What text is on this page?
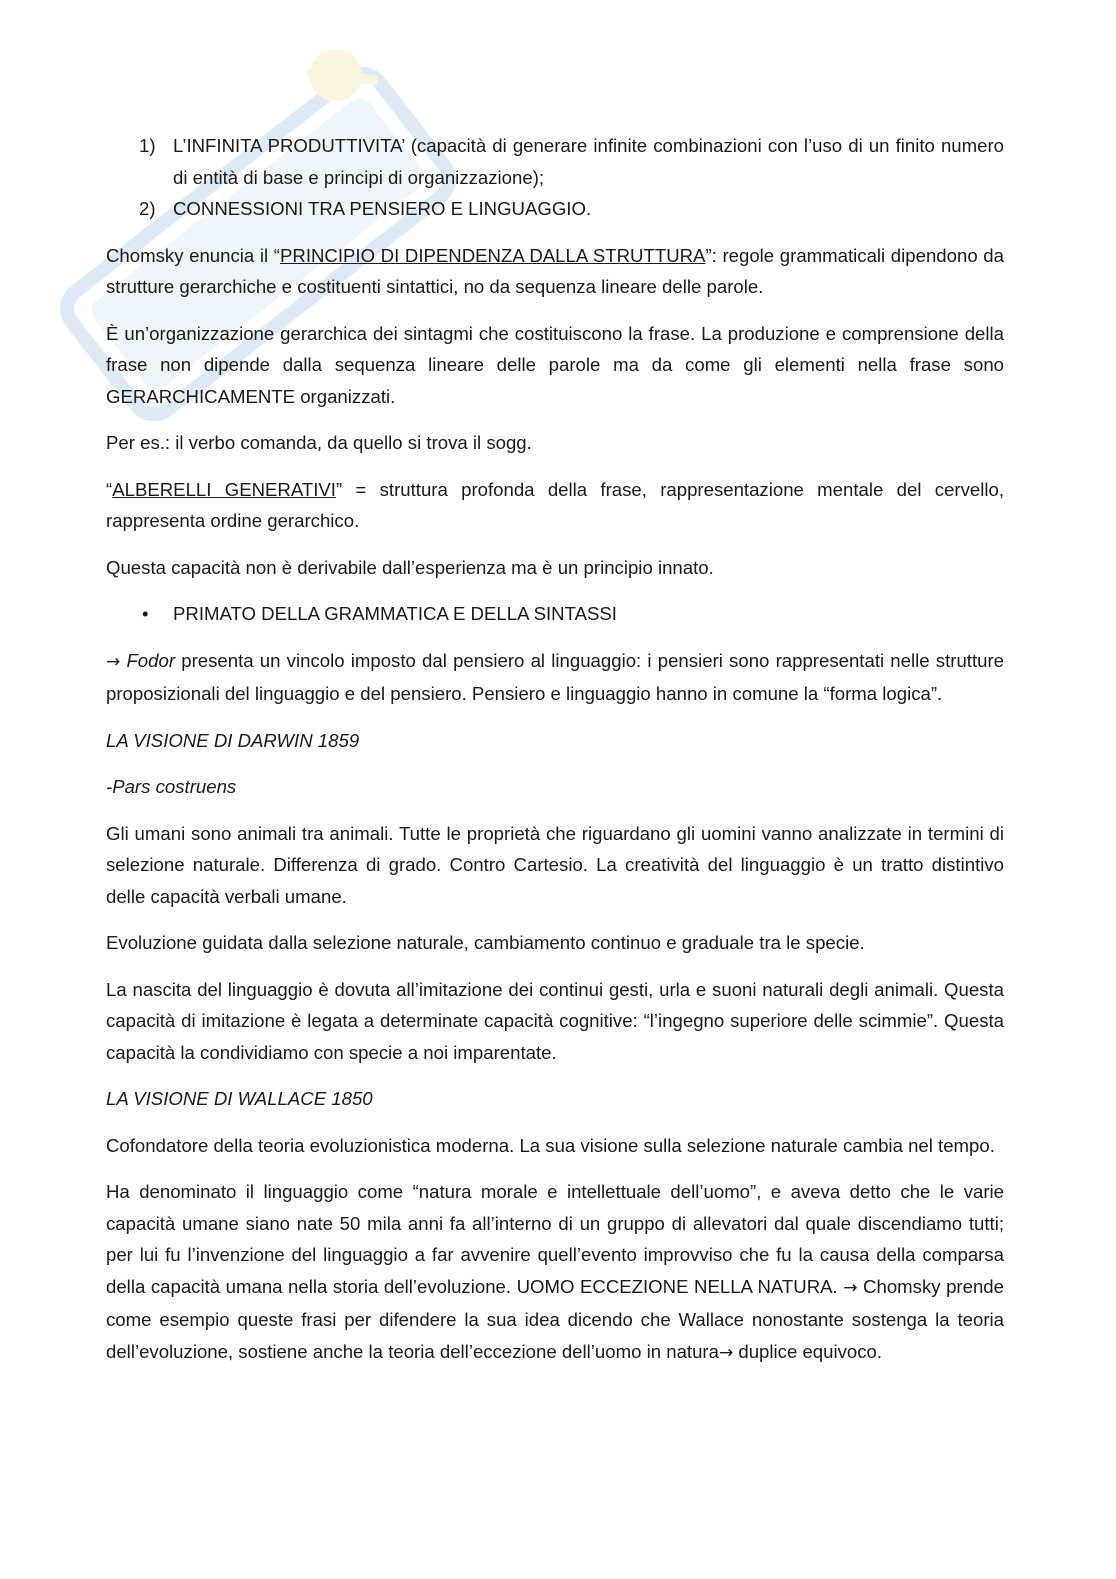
1) L’INFINITA PRODUTTIVITA’ (capacità di generare infinite combinazioni con l’uso di un finito numero di entità di base e principi di organizzazione);
2) CONNESSIONI TRA PENSIERO E LINGUAGGIO.

Chomsky enuncia il “PRINCIPIO DI DIPENDENZA DALLA STRUTTURA”: regole grammaticali dipendono da strutture gerarchiche e costituenti sintattici, no da sequenza lineare delle parole.

È un’organizzazione gerarchica dei sintagmi che costituiscono la frase. La produzione e comprensione della frase non dipende dalla sequenza lineare delle parole ma da come gli elementi nella frase sono GERARCHICAMENTE organizzati.

Per es.: il verbo comanda, da quello si trova il sogg.

“ALBERELLI GENERATIVI” = struttura profonda della frase, rappresentazione mentale del cervello, rappresenta ordine gerarchico.

Questa capacità non è derivabile dall’esperienza ma è un principio innato.

•	PRIMATO DELLA GRAMMATICA E DELLA SINTASSI

→ Fodor presenta un vincolo imposto dal pensiero al linguaggio: i pensieri sono rappresentati nelle strutture proposizionali del linguaggio e del pensiero. Pensiero e linguaggio hanno in comune la “forma logica”.

LA VISIONE DI DARWIN 1859

-Pars costruens

Gli umani sono animali tra animali. Tutte le proprietà che riguardano gli uomini vanno analizzate in termini di selezione naturale. Differenza di grado. Contro Cartesio. La creatività del linguaggio è un tratto distintivo delle capacità verbali umane.

Evoluzione guidata dalla selezione naturale, cambiamento continuo e graduale tra le specie.

La nascita del linguaggio è dovuta all’imitazione dei continui gesti, urla e suoni naturali degli animali. Questa capacità di imitazione è legata a determinate capacità cognitive: “l’ingegno superiore delle scimmie”. Questa capacità la condividiamo con specie a noi imparentate.

LA VISIONE DI WALLACE 1850

Cofondatore della teoria evoluzionistica moderna. La sua visione sulla selezione naturale cambia nel tempo.

Ha denominato il linguaggio come “natura morale e intellettuale dell’uomo”, e aveva detto che le varie capacità umane siano nate 50 mila anni fa all’interno di un gruppo di allevatori dal quale discendiamo tutti; per lui fu l’invenzione del linguaggio a far avvenire quell’evento improvviso che fu la causa della comparsa della capacità umana nella storia dell’evoluzione. UOMO ECCEZIONE NELLA NATURA. → Chomsky prende come esempio queste frasi per difendere la sua idea dicendo che Wallace nonostante sostenga la teoria dell’evoluzione, sostiene anche la teoria dell’eccezione dell’uomo in natura→ duplice equivoco.
